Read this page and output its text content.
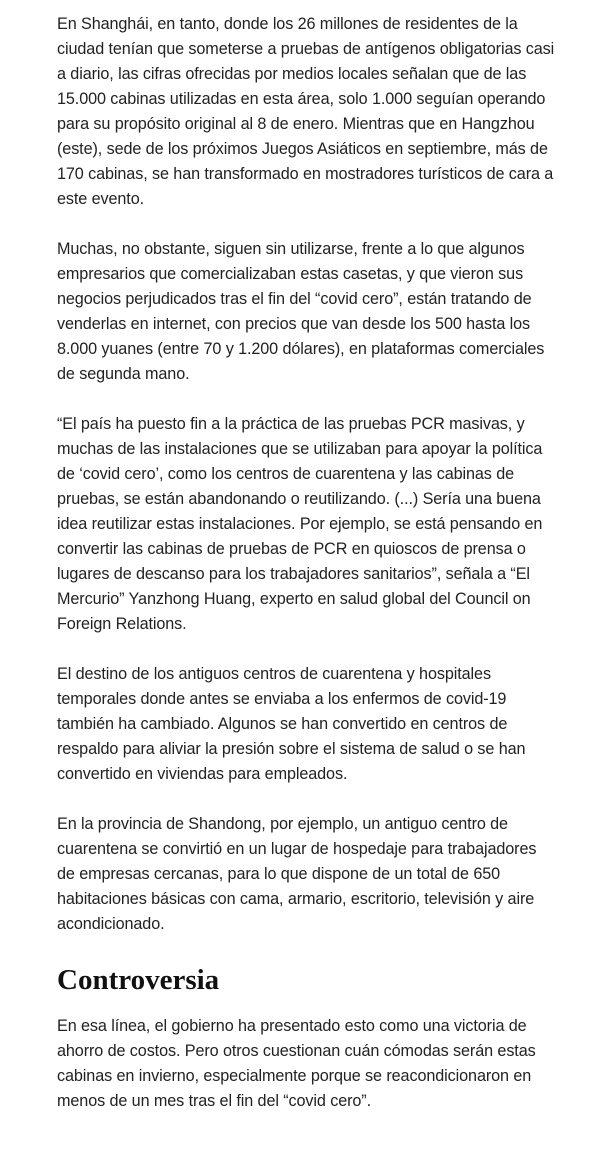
En Shanghái, en tanto, donde los 26 millones de residentes de la ciudad tenían que someterse a pruebas de antígenos obligatorias casi a diario, las cifras ofrecidas por medios locales señalan que de las 15.000 cabinas utilizadas en esta área, solo 1.000 seguían operando para su propósito original al 8 de enero. Mientras que en Hangzhou (este), sede de los próximos Juegos Asiáticos en septiembre, más de 170 cabinas, se han transformado en mostradores turísticos de cara a este evento.

Muchas, no obstante, siguen sin utilizarse, frente a lo que algunos empresarios que comercializaban estas casetas, y que vieron sus negocios perjudicados tras el fin del “covid cero”, están tratando de venderlas en internet, con precios que van desde los 500 hasta los 8.000 yuanes (entre 70 y 1.200 dólares), en plataformas comerciales de segunda mano.

“El país ha puesto fin a la práctica de las pruebas PCR masivas, y muchas de las instalaciones que se utilizaban para apoyar la política de ‘covid cero’, como los centros de cuarentena y las cabinas de pruebas, se están abandonando o reutilizando. (...) Sería una buena idea reutilizar estas instalaciones. Por ejemplo, se está pensando en convertir las cabinas de pruebas de PCR en quioscos de prensa o lugares de descanso para los trabajadores sanitarios”, señala a “El Mercurio” Yanzhong Huang, experto en salud global del Council on Foreign Relations.

El destino de los antiguos centros de cuarentena y hospitales temporales donde antes se enviaba a los enfermos de covid-19 también ha cambiado. Algunos se han convertido en centros de respaldo para aliviar la presión sobre el sistema de salud o se han convertido en viviendas para empleados.

En la provincia de Shandong, por ejemplo, un antiguo centro de cuarentena se convirtió en un lugar de hospedaje para trabajadores de empresas cercanas, para lo que dispone de un total de 650 habitaciones básicas con cama, armario, escritorio, televisión y aire acondicionado.

Controversia

En esa línea, el gobierno ha presentado esto como una victoria de ahorro de costos. Pero otros cuestionan cuán cómodas serán estas cabinas en invierno, especialmente porque se reacondicionaron en menos de un mes tras el fin del “covid cero”.
